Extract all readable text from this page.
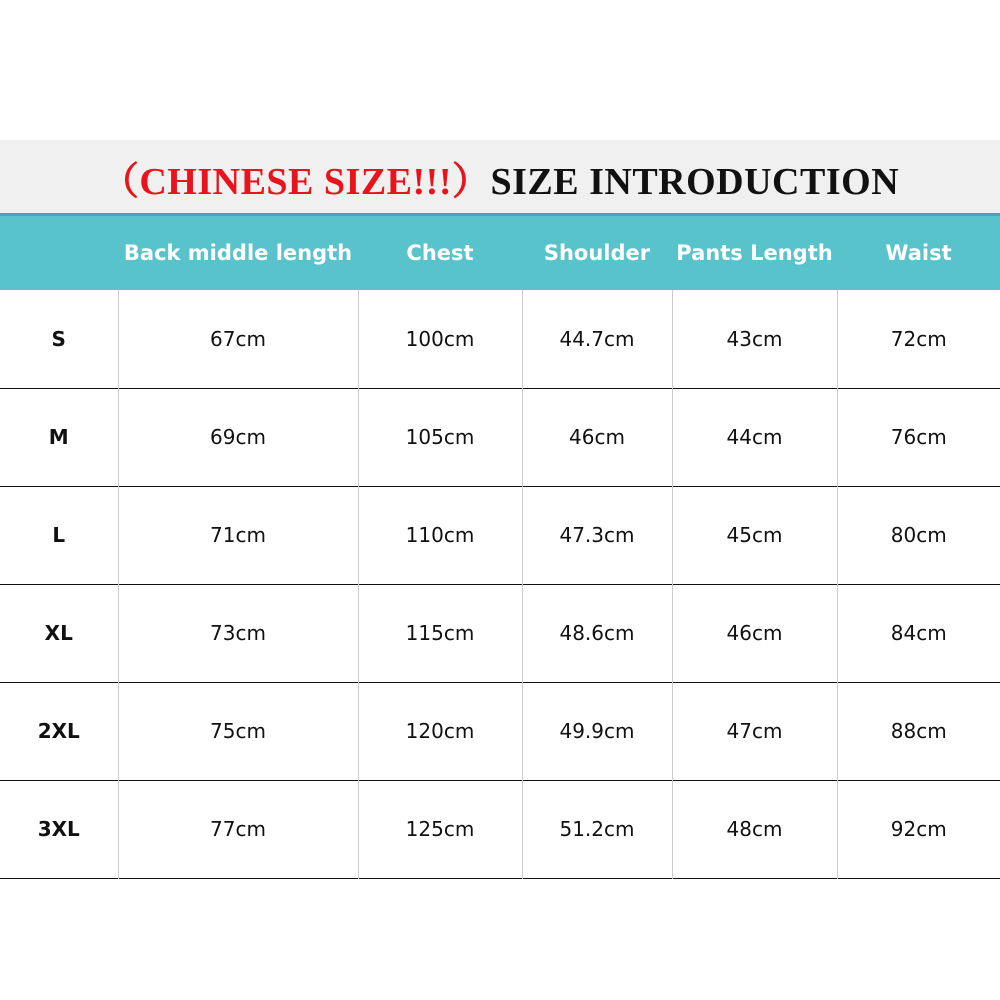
（CHINESE SIZE!!!）SIZE INTRODUCTION
	Back middle length	Chest	Shoulder	Pants Length	Waist
S	67cm	100cm	44.7cm	43cm	72cm
M	69cm	105cm	46cm	44cm	76cm
L	71cm	110cm	47.3cm	45cm	80cm
XL	73cm	115cm	48.6cm	46cm	84cm
2XL	75cm	120cm	49.9cm	47cm	88cm
3XL	77cm	125cm	51.2cm	48cm	92cm
